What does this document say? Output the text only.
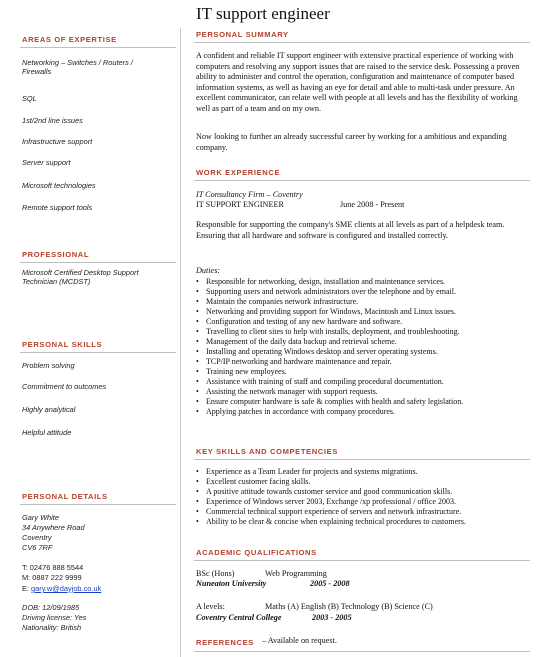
IT support engineer
AREAS OF EXPERTISE
Networking – Switches / Routers / Firewalls
SQL
1st/2nd line issues
Infrastructure support
Server support
Microsoft technologies
Remote support tools
PROFESSIONAL
Microsoft Certified Desktop Support Technician (MCDST)
PERSONAL SKILLS
Problem solving
Commitment to outcomes
Highly analytical
Helpful attitude
PERSONAL DETAILS
Gary White
34 Anywhere Road
Coventry
CV6 7RF
T: 02476 888 5544
M: 0887 222 9999
E: gary.w@dayjob.co.uk
DOB: 12/09/1985
Driving license: Yes
Nationality: British
PERSONAL SUMMARY
A confident and reliable IT support engineer with extensive practical experience of working with computers and resolving any support issues that are raised to the service desk. Possessing a proven ability to administer and control the operation, configuration and maintenance of computer based information systems, as well as having an eye for detail and able to multi-task under pressure. An excellent communicator, can relate well with people at all levels and has the flexibility of working well as part of a team and on my own.
Now looking to further an already successful career by working for a ambitious and expanding company.
WORK EXPERIENCE
IT Consultancy Firm – Coventry
IT SUPPORT ENGINEER	June 2008 - Present
Responsible for supporting the company's SME clients at all levels as part of a helpdesk team. Ensuring that all hardware and software is configured and installed correctly.
Duties:
• Responsible for networking, design, installation and maintenance services.
• Supporting users and network administrators over the telephone and by email.
• Maintain the companies network infrastructure.
• Networking and providing support for Windows, Macintosh and Linux issues.
• Configuration and testing of any new hardware and software.
• Travelling to client sites to help with installs, deployment, and troubleshooting.
• Management of the daily data backup and retrieval scheme.
• Installing and operating Windows desktop and server operating systems.
• TCP/IP networking and hardware maintenance and repair.
• Training new employees.
• Assistance with training of staff and compiling procedural documentation.
• Assisting the network manager with support requests.
• Ensure computer hardware is safe & complies with health and safety legislation.
• Applying patches in accordance with company procedures.
KEY SKILLS AND COMPETENCIES
• Experience as a Team Leader for projects and systems migrations.
• Excellent customer facing skills.
• A positive attitude towards customer service and good communication skills.
• Experience of Windows server 2003, Exchange /xp professional / office 2003.
• Commercial technical support experience of servers and network infrastructure.
• Ability to be clear & concise when explaining technical procedures to customers.
ACADEMIC QUALIFICATIONS
BSc (Hons)	Web Programming
Nuneaton University	2005 - 2008
A levels:	Maths (A) English (B) Technology (B) Science (C)
Coventry Central College	2003 - 2005
REFERENCES – Available on request.
